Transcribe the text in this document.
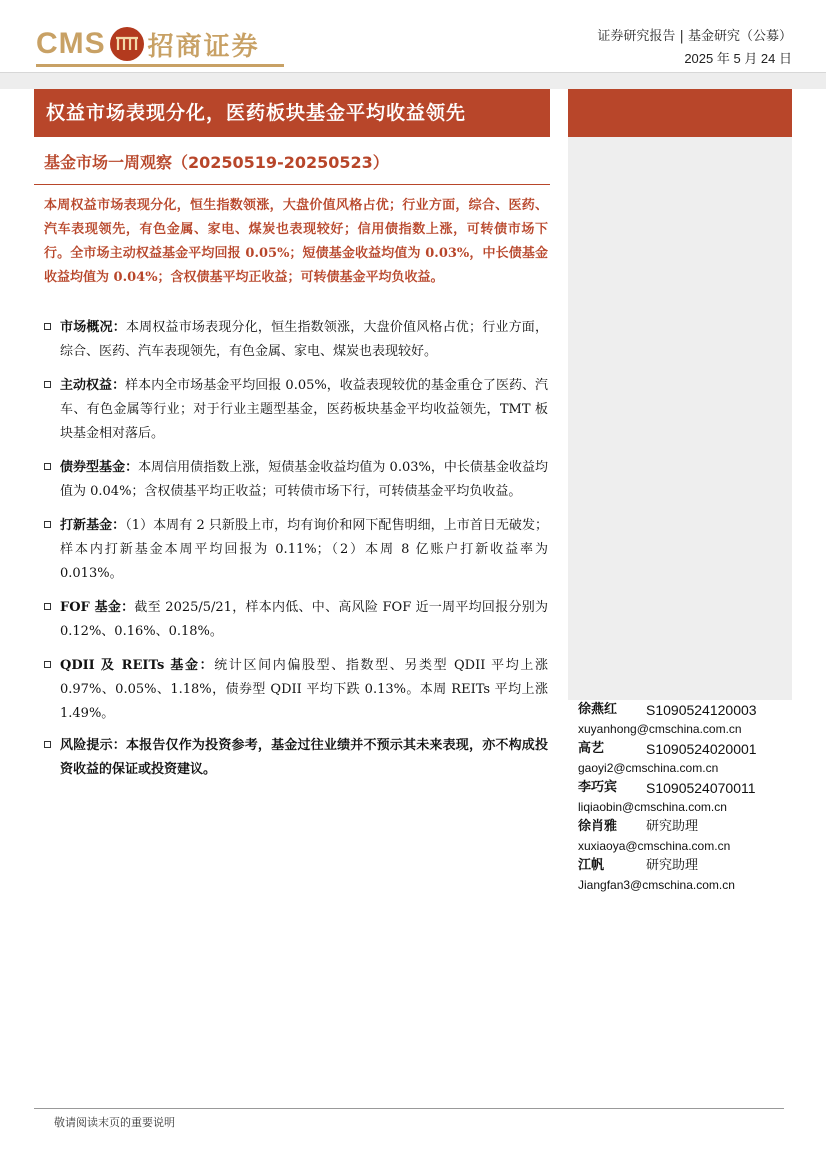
CMS 招商证券	证券研究报告 | 基金研究（公募）
2025 年 5 月 24 日
权益市场表现分化，医药板块基金平均收益领先
基金市场一周观察（20250519-20250523）
本周权益市场表现分化，恒生指数领涨，大盘价值风格占优；行业方面，综合、医药、汽车表现领先，有色金属、家电、煤炭也表现较好；信用债指数上涨，可转债市场下行。全市场主动权益基金平均回报 0.05%；短债基金收益均值为 0.03%，中长债基金收益均值为 0.04%；含权债基平均正收益；可转债基金平均负收益。
市场概况：本周权益市场表现分化，恒生指数领涨，大盘价值风格占优；行业方面，综合、医药、汽车表现领先，有色金属、家电、煤炭也表现较好。
主动权益：样本内全市场基金平均回报 0.05%，收益表现较优的基金重仓了医药、汽车、有色金属等行业；对于行业主题型基金，医药板块基金平均收益领先，TMT 板块基金相对落后。
债券型基金：本周信用债指数上涨，短债基金收益均值为 0.03%，中长债基金收益均值为 0.04%；含权债基平均正收益；可转债市场下行，可转债基金平均负收益。
打新基金：（1）本周有 2 只新股上市，均有询价和网下配售明细，上市首日无破发；样本内打新基金本周平均回报为 0.11%；（2）本周 8 亿账户打新收益率为 0.013%。
FOF 基金：截至 2025/5/21，样本内低、中、高风险 FOF 近一周平均回报分别为 0.12%、0.16%、0.18%。
QDII 及 REITs 基金：统计区间内偏股型、指数型、另类型 QDII 平均上涨 0.97%、0.05%、1.18%，债券型 QDII 平均下跌 0.13%。本周 REITs 平均上涨 1.49%。
风险提示：本报告仅作为投资参考，基金过往业绩并不预示其未来表现，亦不构成投资收益的保证或投资建议。
徐燕红	S1090524120003
xuyanhong@cmschina.com.cn
高艺	S1090524020001
gaoyi2@cmschina.com.cn
李巧宾	S1090524070011
liqiaobin@cmschina.com.cn
徐肖雅	研究助理
xuxiaoya@cmschina.com.cn
江帆	研究助理
Jiangfan3@cmschina.com.cn
敬请阅读末页的重要说明
